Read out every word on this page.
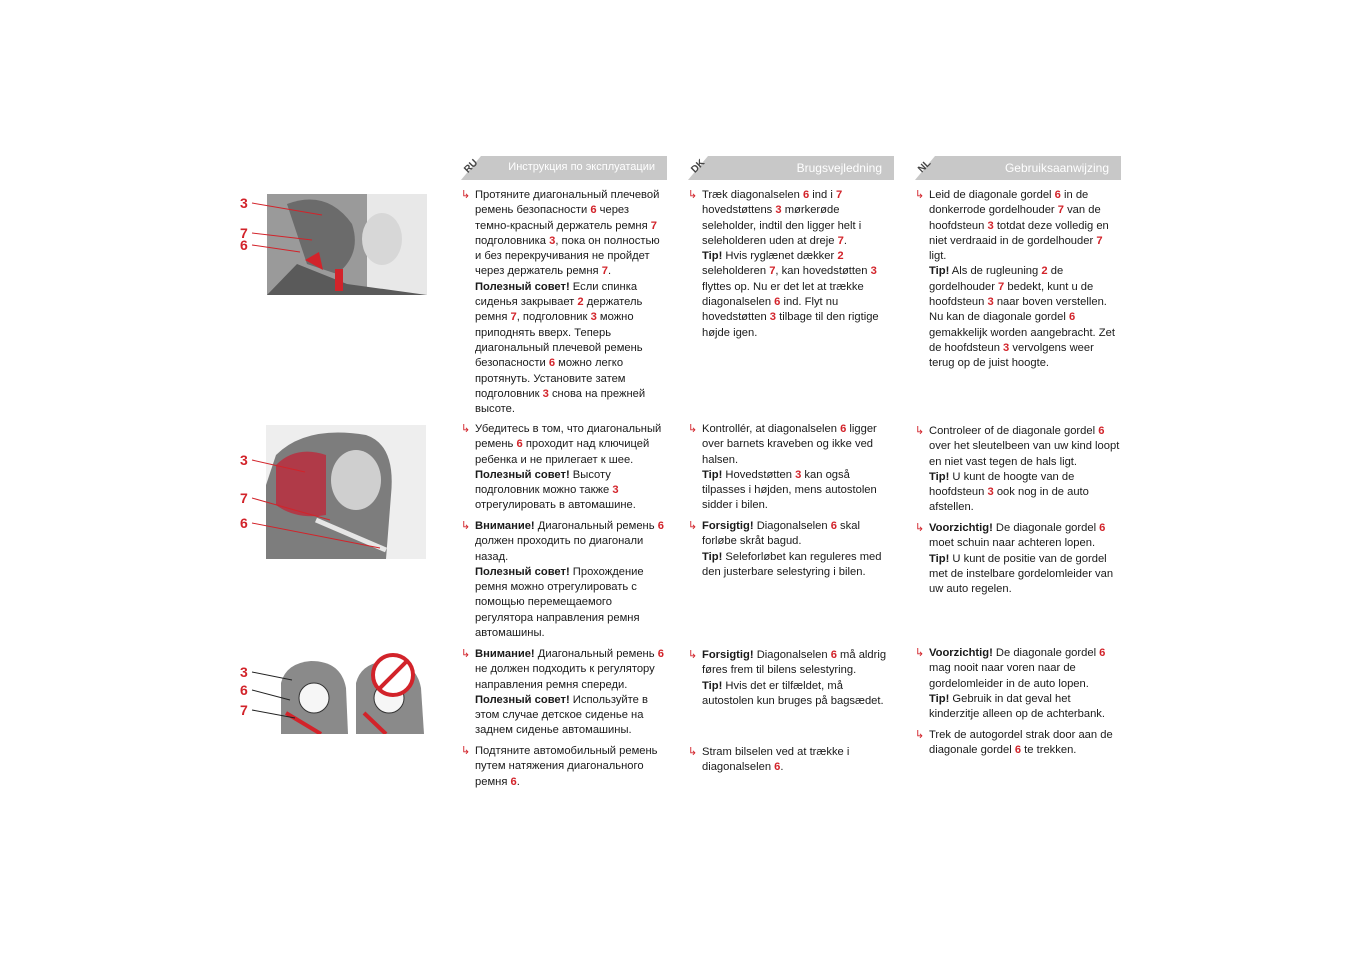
RU	Инструкция по эксплуатации	DK	Brugsvejledning	NL	Gebruiksaanwijzing
3
7
6
3
7
6
3
6
7
↳ Протяните диагональный плечевой ремень безопасности 6 через темно-красный держатель ремня 7 подголовника 3, пока он полностью и без перекручивания не пройдет через держатель ремня 7.
Полезный совет! Если спинка сиденья закрывает 2 держатель ремня 7, подголовник 3 можно приподнять вверх. Теперь диагональный плечевой ремень безопасности 6 можно легко протянуть. Установите затем подголовник 3 снова на прежней высоте.
↳ Убедитесь в том, что диагональный ремень 6 проходит над ключицей ребенка и не прилегает к шее.
Полезный совет! Высоту подголовник можно также 3 отрегулировать в автомашине.
↳ Внимание! Диагональный ремень 6 должен проходить по диагонали назад.
Полезный совет! Прохождение ремня можно отрегулировать с помощью перемещаемого регулятора направления ремня автомашины.
↳ Внимание! Диагональный ремень 6 не должен подходить к регулятору направления ремня спереди.
Полезный совет! Используйте в этом случае детское сиденье на заднем сиденье автомашины.
↳ Подтяните автомобильный ремень путем натяжения диагонального ремня 6.
↳ Træk diagonalselen 6 ind i 7 hovedstøttens 3 mørkerøde seleholder, indtil den ligger helt i seleholderen uden at dreje 7.
Tip! Hvis ryglænet dækker 2 seleholderen 7, kan hovedstøtten 3 flyttes op. Nu er det let at trække diagonalselen 6 ind. Flyt nu hovedstøtten 3 tilbage til den rigtige højde igen.
↳ Kontrollér, at diagonalselen 6 ligger over barnets kraveben og ikke ved halsen.
Tip! Hovedstøtten 3 kan også tilpasses i højden, mens autostolen sidder i bilen.
↳ Forsigtig! Diagonalselen 6 skal forløbe skråt bagud.
Tip! Seleforløbet kan reguleres med den justerbare selestyring i bilen.
↳ Forsigtig! Diagonalselen 6 må aldrig føres frem til bilens selestyring.
Tip! Hvis det er tilfældet, må autostolen kun bruges på bagsædet.
↳ Stram bilselen ved at trække i diagonalselen 6.
↳ Leid de diagonale gordel 6 in de donkerrode gordelhouder 7 van de hoofdsteun 3 totdat deze volledig en niet verdraaid in de gordelhouder 7 ligt.
Tip! Als de rugleuning 2 de gordelhouder 7 bedekt, kunt u de hoofdsteun 3 naar boven verstellen. Nu kan de diagonale gordel 6 gemakkelijk worden aangebracht. Zet de hoofdsteun 3 vervolgens weer terug op de juist hoogte.
↳ Controleer of de diagonale gordel 6 over het sleutelbeen van uw kind loopt en niet vast tegen de hals ligt.
Tip! U kunt de hoogte van de hoofdsteun 3 ook nog in de auto afstellen.
↳ Voorzichtig! De diagonale gordel 6 moet schuin naar achteren lopen.
Tip! U kunt de positie van de gordel met de instelbare gordelomleider van uw auto regelen.
↳ Voorzichtig! De diagonale gordel 6 mag nooit naar voren naar de gordelomleider in de auto lopen.
Tip! Gebruik in dat geval het kinderzitje alleen op de achterbank.
↳ Trek de autogordel strak door aan de diagonale gordel 6 te trekken.
